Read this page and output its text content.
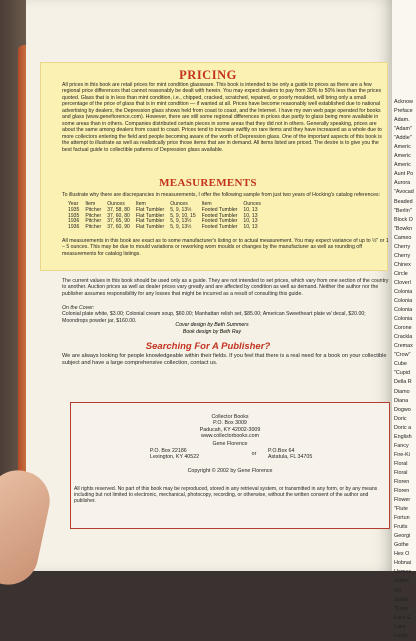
Acknow
Preface
Adam.
"Adam"
"Addie"
Americ
Americ
Americ
Aunt Po
Aurora
"Avocad
Beaded
"Berlin"
Block O
"Bowkn
Cameo
Cherry
Cherry
Chinex
Circle
Cloverl
Colonia
Colonia
Colonia
Colonia
Corone
Cracklа
Cremax
"Crow"
Cube
"Cupid
Della R
Diamo
Diana
Dogwo
Doric
Doric a
English
Fancy
Fire-Ki
Floral
Floral
Floren
Floren
Flower
"Flute
Fortun
Fruits
Georgi
Gothe
Hex O
Hobnai
Homes
Indian
Iris
Jubile
"Katie
Lace E
Lake
Largo
PRICING
All prices in this book are retail prices for mint condition glassware. This book is intended to be only a guide to prices as there are a few regional price differences that cannot reasonably be dealt with herein. You may expect dealers to pay from 30% to 50% less than the prices quoted. Glass that is in less than mint condition, i.e., chipped, cracked, scratched, repaired, or poorly moulded, will bring only a small percentage of the price of glass that is in mint condition — if wanted at all. Prices have become reasonably well established due to national advertising by dealers, the Depression glass shows held from coast to coast, and the Internet. I have my own web page operated for books and glass (www.genefiorence.com). However, there are still some regional differences in prices due partly to glass being more available in some areas than in others. Companies distributed certain pieces in some areas that they did not in others. Generally speaking, prices are about the same among dealers from coast to coast. Prices tend to increase swiftly on rare items and they have increased as a whole due to more collectors entering the field and people becoming aware of the worth of Depression glass. One of the important aspects of this book is the attempt to illustrate as well as realistically price those items that are in demand. All items listed are priced. The desire is to give you the best factual guide to collectible patterns of Depression glass available.
MEASUREMENTS
To illustrate why there are discrepancies in measurements, I offer the following sample from just two years of Hocking's catalog references:
Year	Item	Ounces	Item	Ounces	Item	Ounces
1935	Pitcher	37, 58, 80	Flat Tumbler	5, 9, 13½	Footed Tumbler	10, 13
1935	Pitcher	37, 60, 80	Flat Tumbler	5, 9, 10, 15	Footed Tumbler	10, 13
1936	Pitcher	37, 65, 90	Flat Tumbler	5, 9, 13½	Footed Tumbler	10, 13
1936	Pitcher	37, 60, 90	Flat Tumbler	5, 9, 13½	Footed Tumbler	10, 13
All measurements in this book are exact as to some manufacturer's listing or to actual measurement. You may expect variance of up to ½" or 1 – 5 ounces. This may be due to mould variations or reworking worn moulds or changes by the manufacturer as well as rounding off measurements for catalog listings.
The current values in this book should be used only as a guide. They are not intended to set prices, which vary from one section of the country to another. Auction prices as well as dealer prices vary greatly and are affected by condition as well as demand. Neither the author nor the publisher assumes responsibility for any losses that might be incurred as a result of consulting this guide.
On the Cover:
Colonial plate white, $3.00; Colonial cream soup, $60.00; Manhattan relish set, $85.00; American Sweetheart plate w/ decal, $20.00; Moondrops powder jar, $160.00.
Cover design by Beth Summers
Book design by Beth Ray
Searching For A Publisher?
We are always looking for people knowledgeable within their fields. If you feel that there is a real need for a book on your collectible subject and have a large comprehensive collection, contact us.
Collector Books
P.O. Box 3009
Paducah, KY 42002-3009
www.collectorbooks.com
Gene Florence
P.O. Box 22186
Lexington, KY 40522
or	P.O.Box 64
Astatula, FL 34705
Copyright © 2002 by Gene Florence
All rights reserved. No part of this book may be reproduced, stored in any retrieval system, or transmitted in any form, or by any means including but not limited to electronic, mechanical, photocopy, recording, or otherwise, without the written consent of the author and publisher.
